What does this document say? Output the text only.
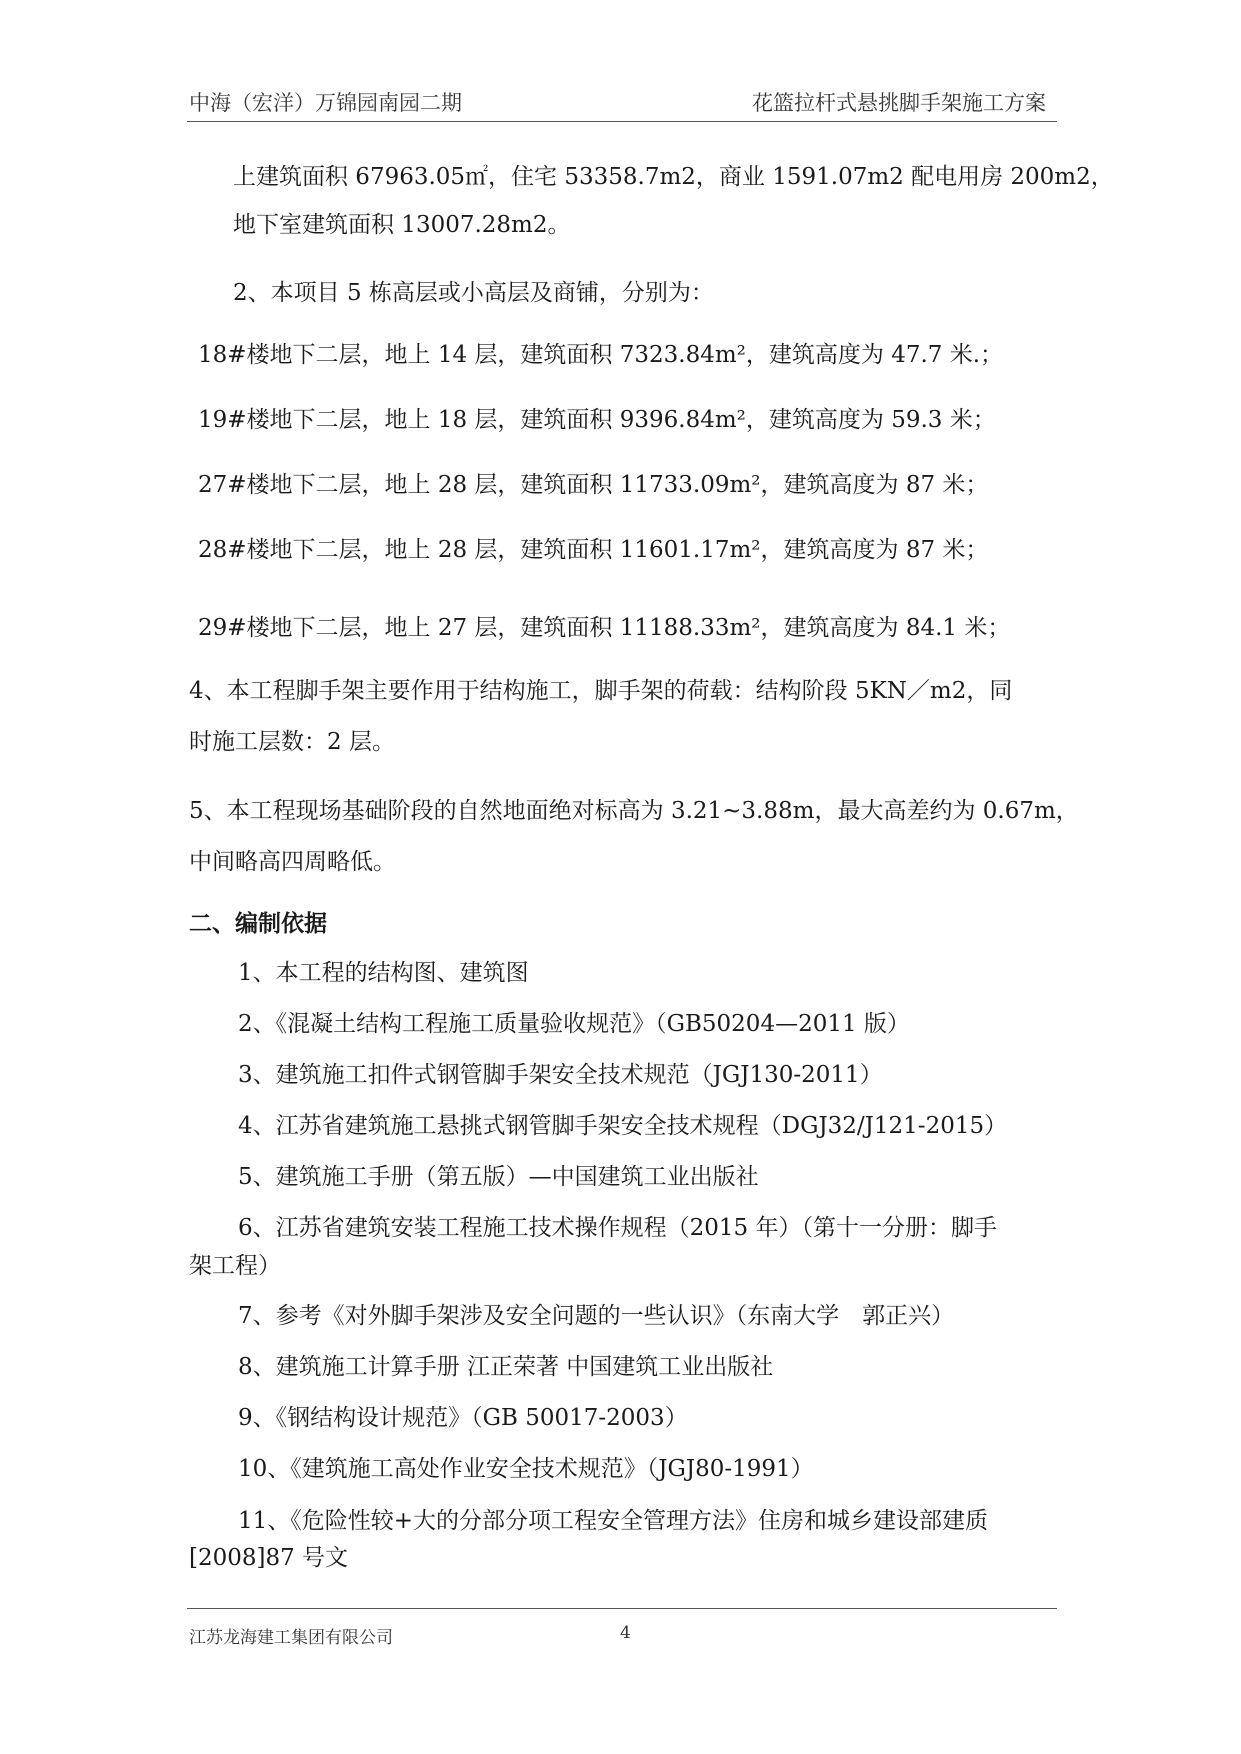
中海（宏洋）万锦园南园二期	花篮拉杆式悬挑脚手架施工方案
上建筑面积 67963.05㎡，住宅 53358.7m2，商业 1591.07m2 配电用房 200m2，
地下室建筑面积 13007.28m2。
2、本项目 5 栋高层或小高层及商铺，分别为：
18#楼地下二层，地上 14 层，建筑面积 7323.84m²，建筑高度为 47.7 米.；
19#楼地下二层，地上 18 层，建筑面积 9396.84m²，建筑高度为 59.3 米；
27#楼地下二层，地上 28 层，建筑面积 11733.09m²，建筑高度为 87 米；
28#楼地下二层，地上 28 层，建筑面积 11601.17m²，建筑高度为 87 米；
29#楼地下二层，地上 27 层，建筑面积 11188.33m²，建筑高度为 84.1 米；
4、本工程脚手架主要作用于结构施工，脚手架的荷载：结构阶段 5KN／m2，同
时施工层数：2 层。
5、本工程现场基础阶段的自然地面绝对标高为 3.21~3.88m，最大高差约为 0.67m，
中间略高四周略低。
二、编制依据
1、本工程的结构图、建筑图
2、《混凝土结构工程施工质量验收规范》（GB50204—2011 版）
3、建筑施工扣件式钢管脚手架安全技术规范（JGJ130-2011）
4、江苏省建筑施工悬挑式钢管脚手架安全技术规程（DGJ32/J121-2015）
5、建筑施工手册（第五版）—中国建筑工业出版社
6、江苏省建筑安装工程施工技术操作规程（2015 年）（第十一分册：脚手
架工程）
7、参考《对外脚手架涉及安全问题的一些认识》（东南大学　郭正兴）
8、建筑施工计算手册 江正荣著 中国建筑工业出版社
9、《钢结构设计规范》（GB 50017-2003）
10、《建筑施工高处作业安全技术规范》（JGJ80-1991）
11、《危险性较+大的分部分项工程安全管理方法》住房和城乡建设部建质
[2008]87 号文
江苏龙海建工集团有限公司	4
